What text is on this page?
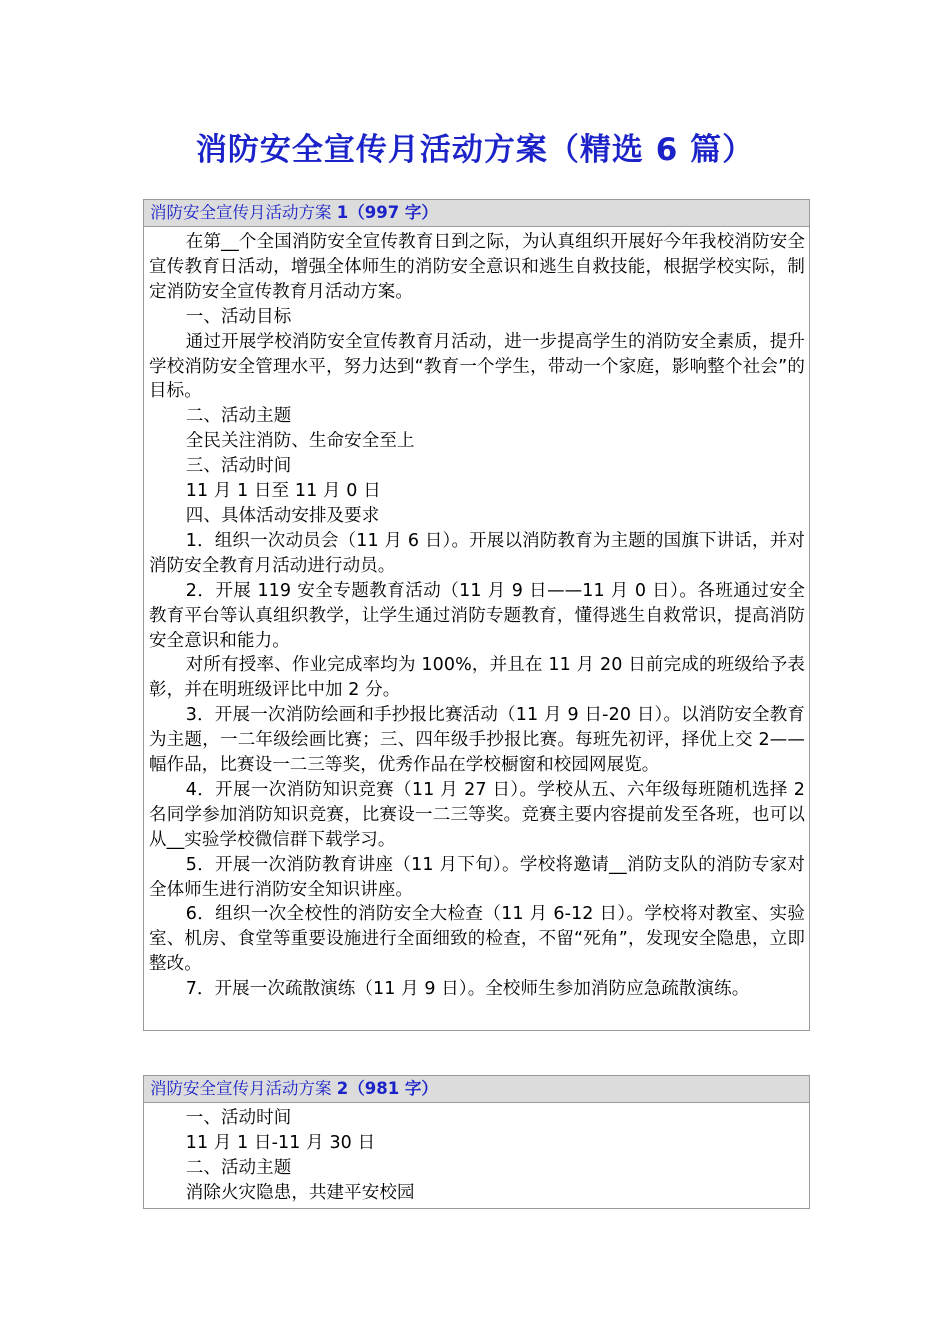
消防安全宣传月活动方案（精选 6 篇）
消防安全宣传月活动方案 1（997 字）

在第__个全国消防安全宣传教育日到之际，为认真组织开展好今年我校消防安全宣传教育日活动，增强全体师生的消防安全意识和逃生自救技能，根据学校实际，制定消防安全宣传教育月活动方案。

一、活动目标

通过开展学校消防安全宣传教育月活动，进一步提高学生的消防安全素质，提升学校消防安全管理水平，努力达到“教育一个学生，带动一个家庭，影响整个社会”的目标。

二、活动主题

全民关注消防、生命安全至上

三、活动时间

11 月 1 日至 11 月 0 日

四、具体活动安排及要求

1．组织一次动员会（11 月 6 日）。开展以消防教育为主题的国旗下讲话，并对消防安全教育月活动进行动员。

2．开展 119 安全专题教育活动（11 月 9 日——11 月 0 日）。各班通过安全教育平台等认真组织教学，让学生通过消防专题教育，懂得逃生自救常识，提高消防安全意识和能力。

对所有授率、作业完成率均为 100%，并且在 11 月 20 日前完成的班级给予表彰，并在明班级评比中加 2 分。

3．开展一次消防绘画和手抄报比赛活动（11 月 9 日-20 日）。以消防安全教育为主题，一二年级绘画比赛；三、四年级手抄报比赛。每班先初评，择优上交 2——幅作品，比赛设一二三等奖，优秀作品在学校橱窗和校园网展览。

4．开展一次消防知识竞赛（11 月 27 日）。学校从五、六年级每班随机选择 2 名同学参加消防知识竞赛，比赛设一二三等奖。竞赛主要内容提前发至各班，也可以从__实验学校微信群下载学习。

5．开展一次消防教育讲座（11 月下旬）。学校将邀请__消防支队的消防专家对全体师生进行消防安全知识讲座。

6．组织一次全校性的消防安全大检查（11 月 6-12 日）。学校将对教室、实验室、机房、食堂等重要设施进行全面细致的检查，不留“死角”，发现安全隐患，立即整改。

7．开展一次疏散演练（11 月 9 日）。全校师生参加消防应急疏散演练。

消防安全宣传月活动方案 2（981 字）

一、活动时间

11 月 1 日-11 月 30 日

二、活动主题

消除火灾隐患，共建平安校园
